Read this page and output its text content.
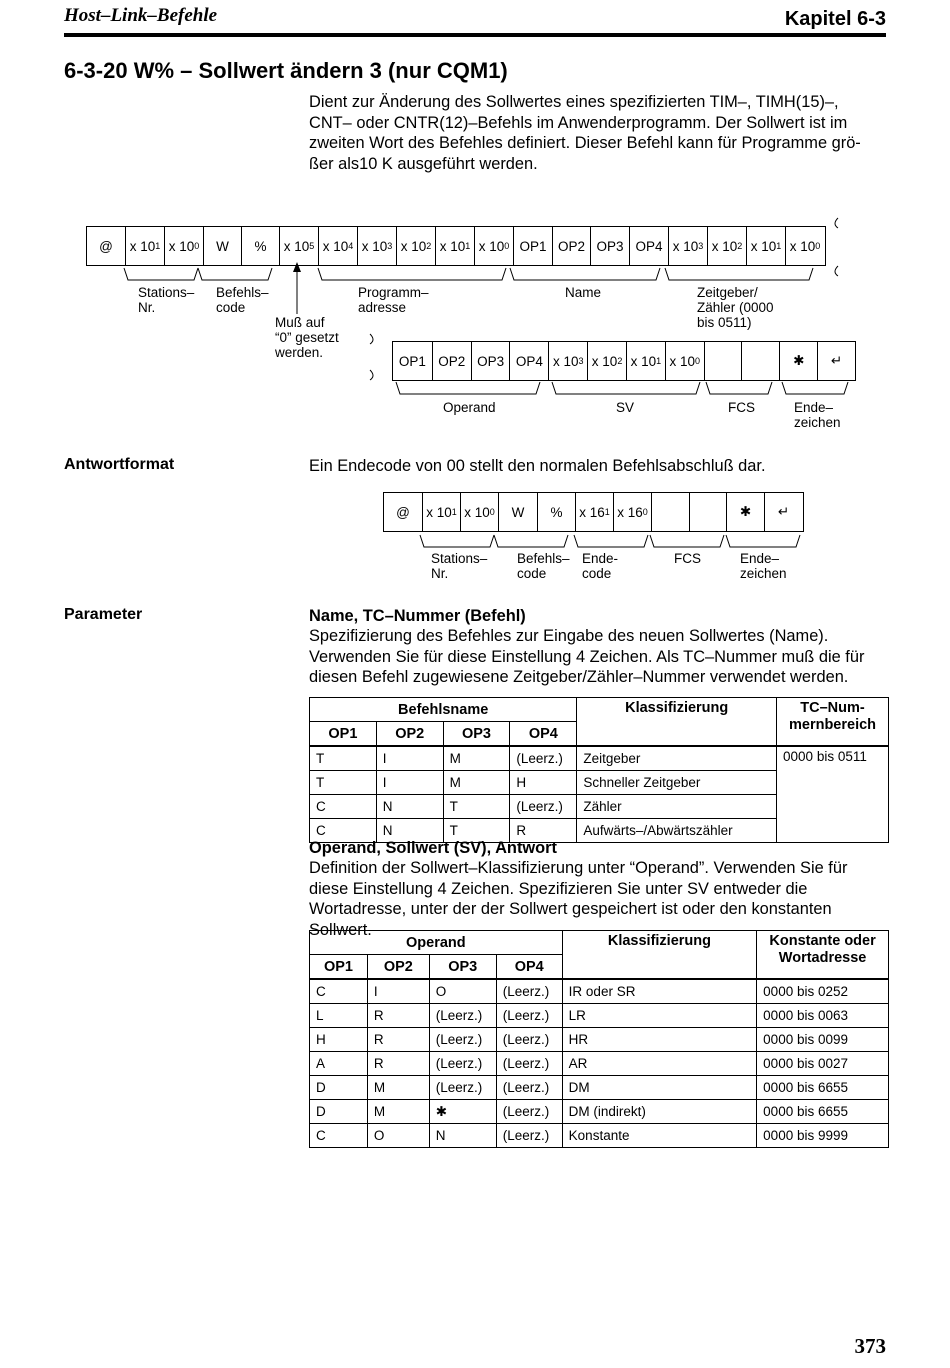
Host–Link–Befehle	Kapitel 6-3
6-3-20 W% – Sollwert ändern 3 (nur CQM1)
Dient zur Änderung des Sollwertes eines spezifizierten TIM–, TIMH(15)–, CNT– oder CNTR(12)–Befehls im Anwenderprogramm. Der Sollwert ist im zweiten Wort des Befehles definiert. Dieser Befehl kann für Programme grö-ßer als10 K ausgeführt werden.
@ x 10 1 x 10 0 W % x 10 5 x 10 4 x 10 3 x 10 2 x 10 1 x 10 0 OP1 OP2 OP3 OP4 x 10 3 x 10 2 x 10 1 x 10 0
Stations–
Nr.
Befehls–
code
Muß auf
“0” gesetzt
werden.
Programm–
adresse
Name	Zeitgeber/
Zähler (0000
bis 0511)
OP1 OP2 OP3 OP4 x 10 3 x 10 2 x 10 1 x 10 0	✱ ↵
Operand	SV	FCS	Ende–
zeichen
Antwortformat	Ein Endecode von 00 stellt den normalen Befehlsabschluß dar.
@ x 10 1 x 10 0 W % x 16 1 x 16 0	✱ ↵
Stations–
Nr.
Befehls–
code
Ende-
code
FCS	Ende–
zeichen
Parameter	Name, TC–Nummer (Befehl)
Spezifizierung des Befehles zur Eingabe des neuen Sollwertes (Name). Verwenden Sie für diese Einstellung 4 Zeichen. Als TC–Nummer muß die für diesen Befehl zugewiesene Zeitgeber/Zähler–Nummer verwendet werden.
Befehlsname				Klassifizierung	TC–Num-mernbereich
OP1	OP2	OP3	OP4		
T	I	M	(Leerz.)	Zeitgeber	0000 bis 0511
T	I	M	H	Schneller Zeitgeber	
C	N	T	(Leerz.)	Zähler	
C	N	T	R	Aufwärts–/Abwärtszähler	
Operand, Sollwert (SV), Antwort
Definition der Sollwert–Klassifizierung unter “Operand”. Verwenden Sie für diese Einstellung 4 Zeichen. Spezifizieren Sie unter SV entweder die Wortadresse, unter der der Sollwert gespeichert ist oder den konstanten Sollwert.
Operand				Klassifizierung	Konstante oder Wortadresse
OP1	OP2	OP3	OP4		
C	I	O	(Leerz.)	IR oder SR	0000 bis 0252
L	R	(Leerz.)	(Leerz.)	LR	0000 bis 0063
H	R	(Leerz.)	(Leerz.)	HR	0000 bis 0099
A	R	(Leerz.)	(Leerz.)	AR	0000 bis 0027
D	M	(Leerz.)	(Leerz.)	DM	0000 bis 6655
D	M	✱	(Leerz.)	DM (indirekt)	0000 bis 6655
C	O	N	(Leerz.)	Konstante	0000 bis 9999
373
